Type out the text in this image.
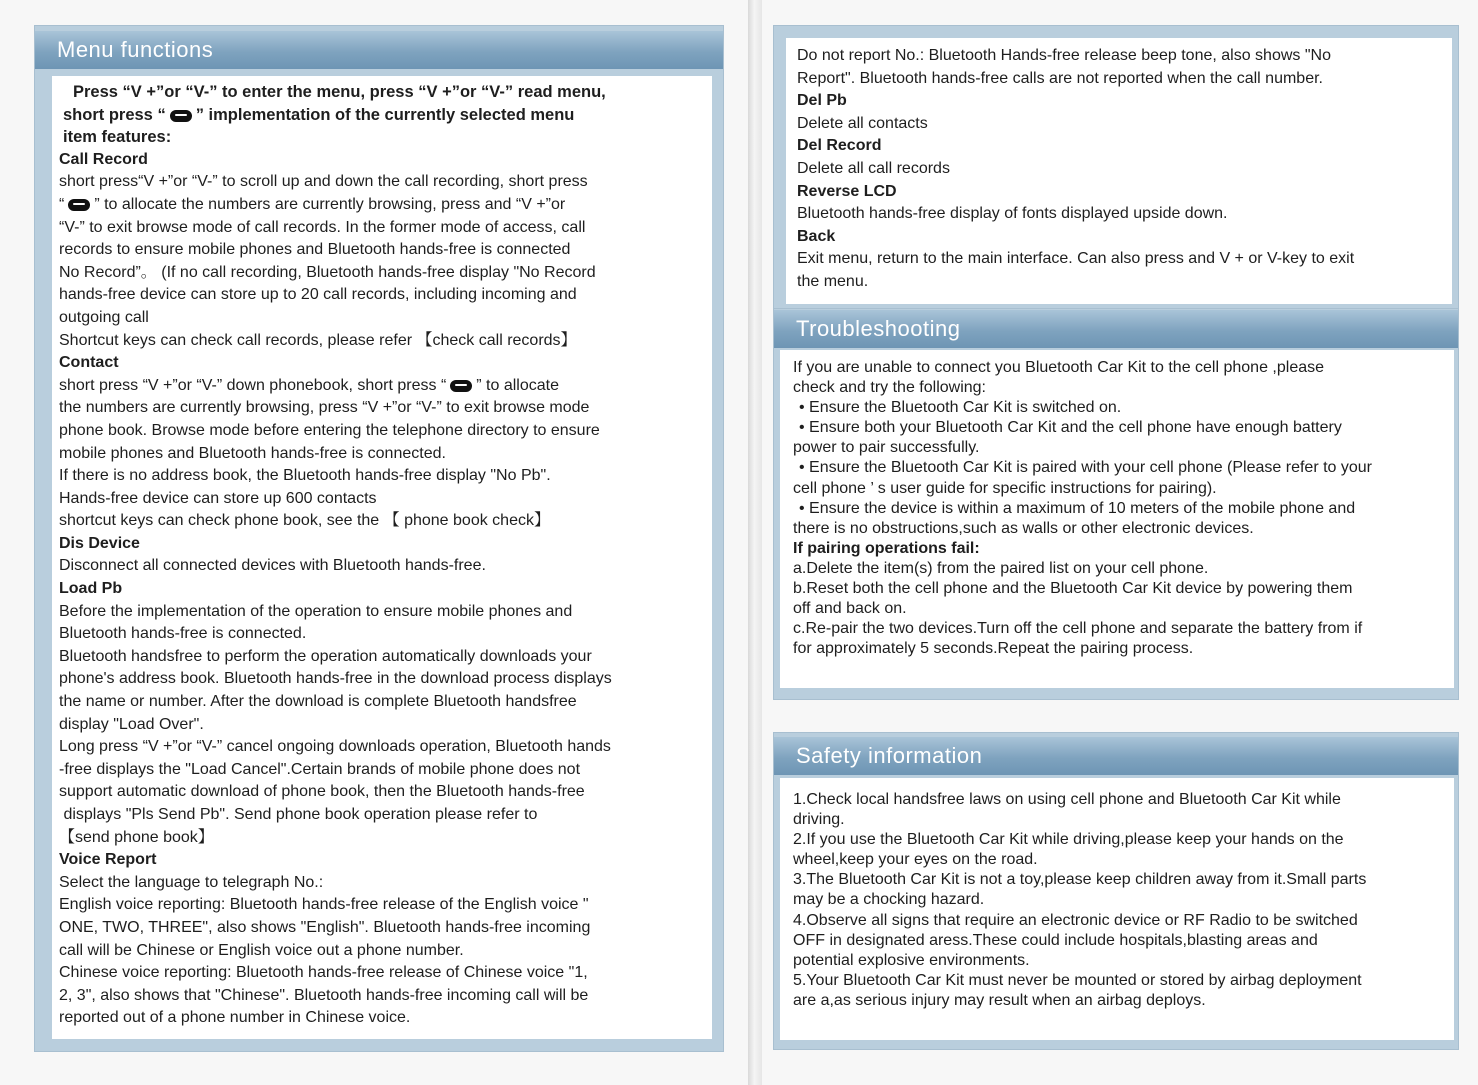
Menu functions
Press “V +”or “V-” to enter the menu, press “V +”or “V-” read menu,
short press “ ” implementation of the currently selected menu
item features:
Call Record
short press“V +”or “V-” to scroll up and down the call recording, short press
“ ” to allocate the numbers are currently browsing, press and “V +”or
“V-” to exit browse mode of call records. In the former mode of access, call
records to ensure mobile phones and Bluetooth hands-free is connected
No Record”。 (If no call recording, Bluetooth hands-free display "No Record
hands-free device can store up to 20 call records, including incoming and
outgoing call
Shortcut keys can check call records, please refer 【check call records】
Contact
short press “V +”or “V-” down phonebook, short press “ ” to allocate
the numbers are currently browsing, press “V +”or “V-” to exit browse mode
phone book. Browse mode before entering the telephone directory to ensure
mobile phones and Bluetooth hands-free is connected.
If there is no address book, the Bluetooth hands-free display "No Pb".
Hands-free device can store up 600 contacts
shortcut keys can check phone book, see the 【 phone book check】
Dis Device
Disconnect all connected devices with Bluetooth hands-free.
Load Pb
Before the implementation of the operation to ensure mobile phones and
Bluetooth hands-free is connected.
Bluetooth handsfree to perform the operation automatically downloads your
phone's address book. Bluetooth hands-free in the download process displays
the name or number. After the download is complete Bluetooth handsfree
display "Load Over".
Long press “V +”or “V-” cancel ongoing downloads operation, Bluetooth hands
-free displays the "Load Cancel".Certain brands of mobile phone does not
support automatic download of phone book, then the Bluetooth hands-free
displays "Pls Send Pb". Send phone book operation please refer to
【send phone book】
Voice Report
Select the language to telegraph No.:
English voice reporting: Bluetooth hands-free release of the English voice "
ONE, TWO, THREE", also shows "English". Bluetooth hands-free incoming
call will be Chinese or English voice out a phone number.
Chinese voice reporting: Bluetooth hands-free release of Chinese voice "1,
2, 3", also shows that "Chinese". Bluetooth hands-free incoming call will be
reported out of a phone number in Chinese voice.
Do not report No.: Bluetooth Hands-free release beep tone, also shows "No
Report". Bluetooth hands-free calls are not reported when the call number.
Del Pb
Delete all contacts
Del Record
Delete all call records
Reverse LCD
Bluetooth hands-free display of fonts displayed upside down.
Back
Exit menu, return to the main interface. Can also press and V + or V-key to exit
the menu.
Troubleshooting
If you are unable to connect you Bluetooth Car Kit to the cell phone ,please
check and try the following:
• Ensure the Bluetooth Car Kit is switched on.
• Ensure both your Bluetooth Car Kit and the cell phone have enough battery
power to pair successfully.
• Ensure the Bluetooth Car Kit is paired with your cell phone (Please refer to your
cell phone ’ s user guide for specific instructions for pairing).
• Ensure the device is within a maximum of 10 meters of the mobile phone and
there is no obstructions,such as walls or other electronic devices.
If pairing operations fail:
a.Delete the item(s) from the paired list on your cell phone.
b.Reset both the cell phone and the Bluetooth Car Kit device by powering them
off and back on.
c.Re-pair the two devices.Turn off the cell phone and separate the battery from if
for approximately 5 seconds.Repeat the pairing process.
Safety information
1.Check local handsfree laws on using cell phone and Bluetooth Car Kit while
driving.
2.If you use the Bluetooth Car Kit while driving,please keep your hands on the
wheel,keep your eyes on the road.
3.The Bluetooth Car Kit is not a toy,please keep children away from it.Small parts
may be a chocking hazard.
4.Observe all signs that require an electronic device or RF Radio to be switched
OFF in designated aress.These could include hospitals,blasting areas and
potential explosive environments.
5.Your Bluetooth Car Kit must never be mounted or stored by airbag deployment
are a,as serious injury may result when an airbag deploys.
